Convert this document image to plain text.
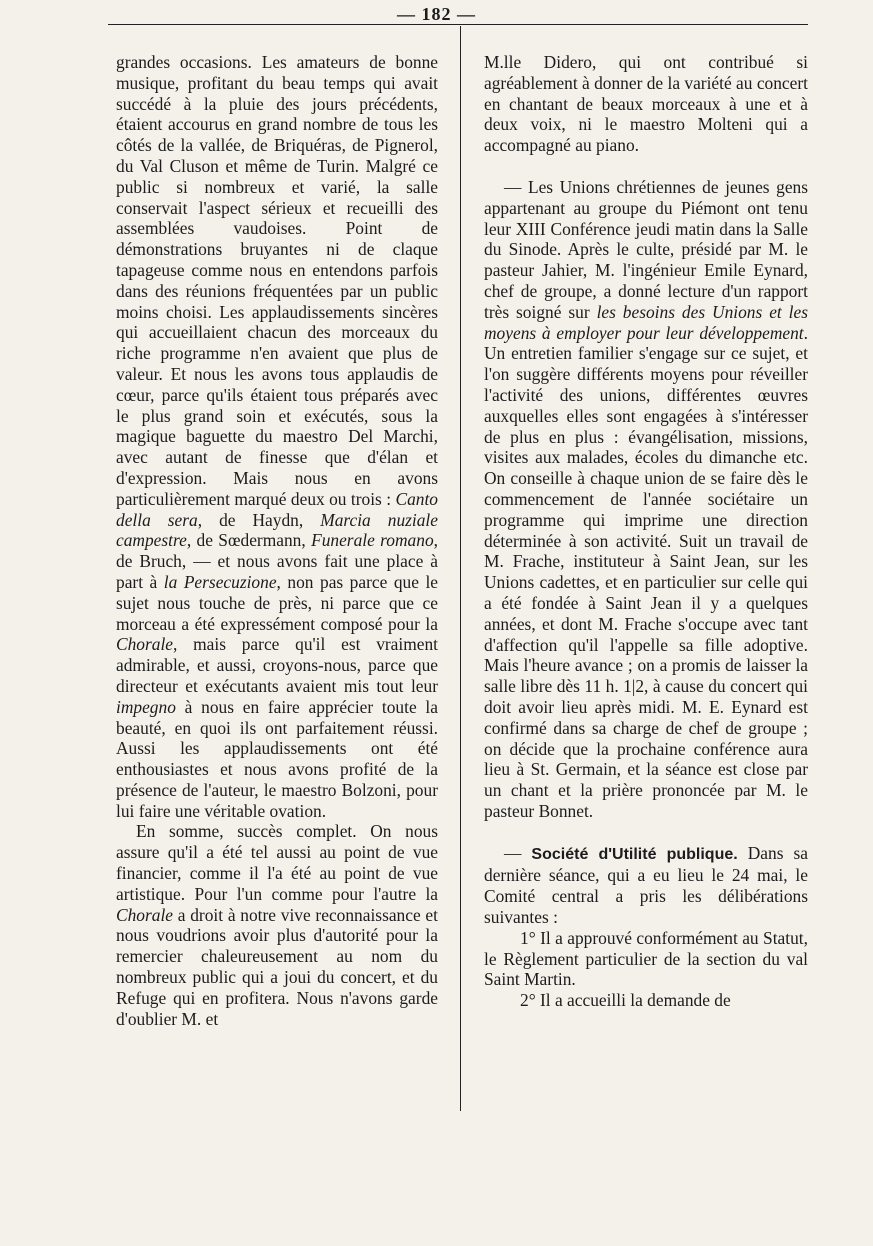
— 182 —

grandes occasions. Les amateurs de bonne musique, profitant du beau temps qui avait succédé à la pluie des jours précédents, étaient accourus en grand nombre de tous les côtés de la vallée, de Briquéras, de Pignerol, du Val Cluson et même de Turin. Malgré ce public si nombreux et varié, la salle conservait l'aspect sérieux et recueilli des assemblées vaudoises. Point de démonstrations bruyantes ni de claque tapageuse comme nous en entendons parfois dans des réunions fréquentées par un public moins choisi. Les applaudissements sincères qui accueillaient chacun des morceaux du riche programme n'en avaient que plus de valeur. Et nous les avons tous applaudis de cœur, parce qu'ils étaient tous préparés avec le plus grand soin et exécutés, sous la magique baguette du maestro Del Marchi, avec autant de finesse que d'élan et d'expression. Mais nous en avons particulièrement marqué deux ou trois : Canto della sera, de Haydn, Marcia nuziale campestre, de Sœdermann, Funerale romano, de Bruch, — et nous avons fait une place à part à la Persecuzione, non pas parce que le sujet nous touche de près, ni parce que ce morceau a été expressément composé pour la Chorale, mais parce qu'il est vraiment admirable, et aussi, croyons-nous, parce que directeur et exécutants avaient mis tout leur impegno à nous en faire apprécier toute la beauté, en quoi ils ont parfaitement réussi. Aussi les applaudissements ont été enthousiastes et nous avons profité de la présence de l'auteur, le maestro Bolzoni, pour lui faire une véritable ovation.

En somme, succès complet. On nous assure qu'il a été tel aussi au point de vue financier, comme il l'a été au point de vue artistique. Pour l'un comme pour l'autre la Chorale a droit à notre vive reconnaissance et nous voudrions avoir plus d'autorité pour la remercier chaleureusement au nom du nombreux public qui a joui du concert, et du Refuge qui en profitera. Nous n'avons garde d'oublier M. et

M.lle Didero, qui ont contribué si agréablement à donner de la variété au concert en chantant de beaux morceaux à une et à deux voix, ni le maestro Molteni qui a accompagné au piano.

— Les Unions chrétiennes de jeunes gens appartenant au groupe du Piémont ont tenu leur XIII Conférence jeudi matin dans la Salle du Sinode. Après le culte, présidé par M. le pasteur Jahier, M. l'ingénieur Emile Eynard, chef de groupe, a donné lecture d'un rapport très soigné sur les besoins des Unions et les moyens à employer pour leur développement. Un entretien familier s'engage sur ce sujet, et l'on suggère différents moyens pour réveiller l'activité des unions, différentes œuvres auxquelles elles sont engagées à s'intéresser de plus en plus : évangélisation, missions, visites aux malades, écoles du dimanche etc. On conseille à chaque union de se faire dès le commencement de l'année sociétaire un programme qui imprime une direction déterminée à son activité. Suit un travail de M. Frache, instituteur à Saint Jean, sur les Unions cadettes, et en particulier sur celle qui a été fondée à Saint Jean il y a quelques années, et dont M. Frache s'occupe avec tant d'affection qu'il l'appelle sa fille adoptive. Mais l'heure avance ; on a promis de laisser la salle libre dès 11 h. 1|2, à cause du concert qui doit avoir lieu après midi. M. E. Eynard est confirmé dans sa charge de chef de groupe ; on décide que la prochaine conférence aura lieu à St. Germain, et la séance est close par un chant et la prière prononcée par M. le pasteur Bonnet.

— Société d'Utilité publique. Dans sa dernière séance, qui a eu lieu le 24 mai, le Comité central a pris les délibérations suivantes :

1° Il a approuvé conformément au Statut, le Règlement particulier de la section du val Saint Martin.

2° Il a accueilli la demande de
